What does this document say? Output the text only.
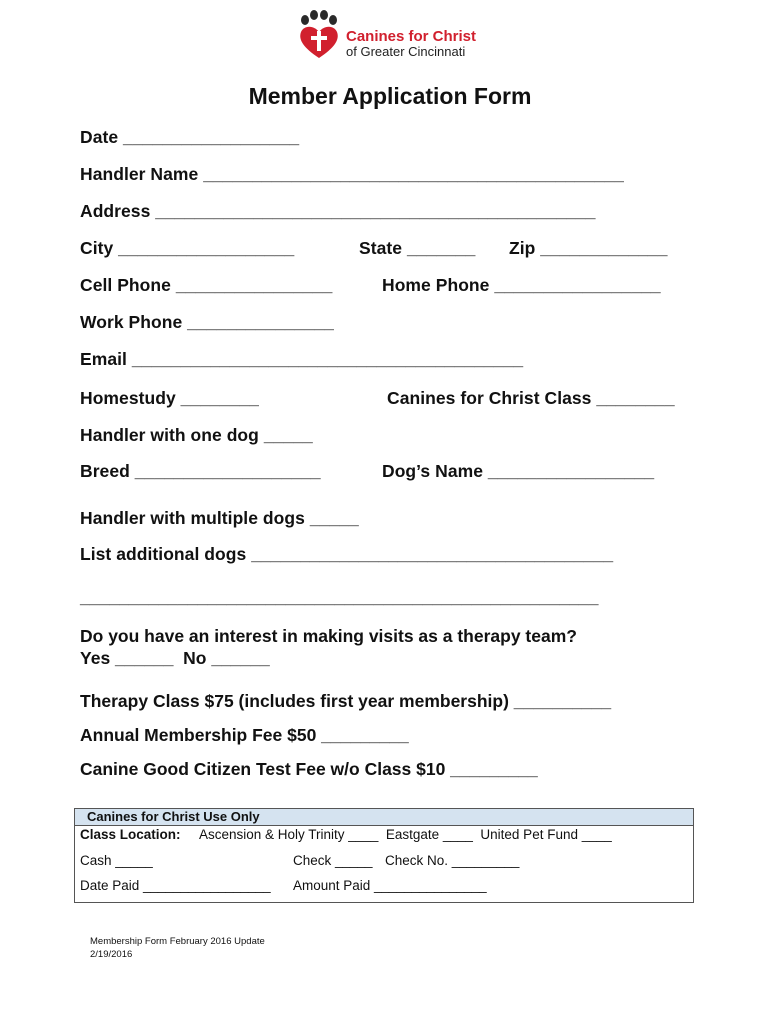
Canines for Christ
of Greater Cincinnati
Member Application Form
Date __________________
Handler Name ___________________________________________
Address _____________________________________________
City __________________	State _______ Zip _____________
Cell Phone ________________	Home Phone _________________
Work Phone _______________
Email ________________________________________
Homestudy ________	Canines for Christ Class ________
Handler with one dog _____
Breed ___________________	Dog’s Name _________________
Handler with multiple dogs _____
List additional dogs _____________________________________
_____________________________________________________
Do you have an interest in making visits as a therapy team?
Yes ______  No ______
Therapy Class $75 (includes first year membership) __________
Annual Membership Fee $50 _________
Canine Good Citizen Test Fee w/o Class $10 _________
Canines for Christ Use Only
Class Location: Ascension & Holy Trinity ____  Eastgate ____  United Pet Fund ____
Cash _____	Check _____ Check No. _________
Date Paid _________________ Amount Paid _______________
Membership Form February 2016 Update
2/19/2016
